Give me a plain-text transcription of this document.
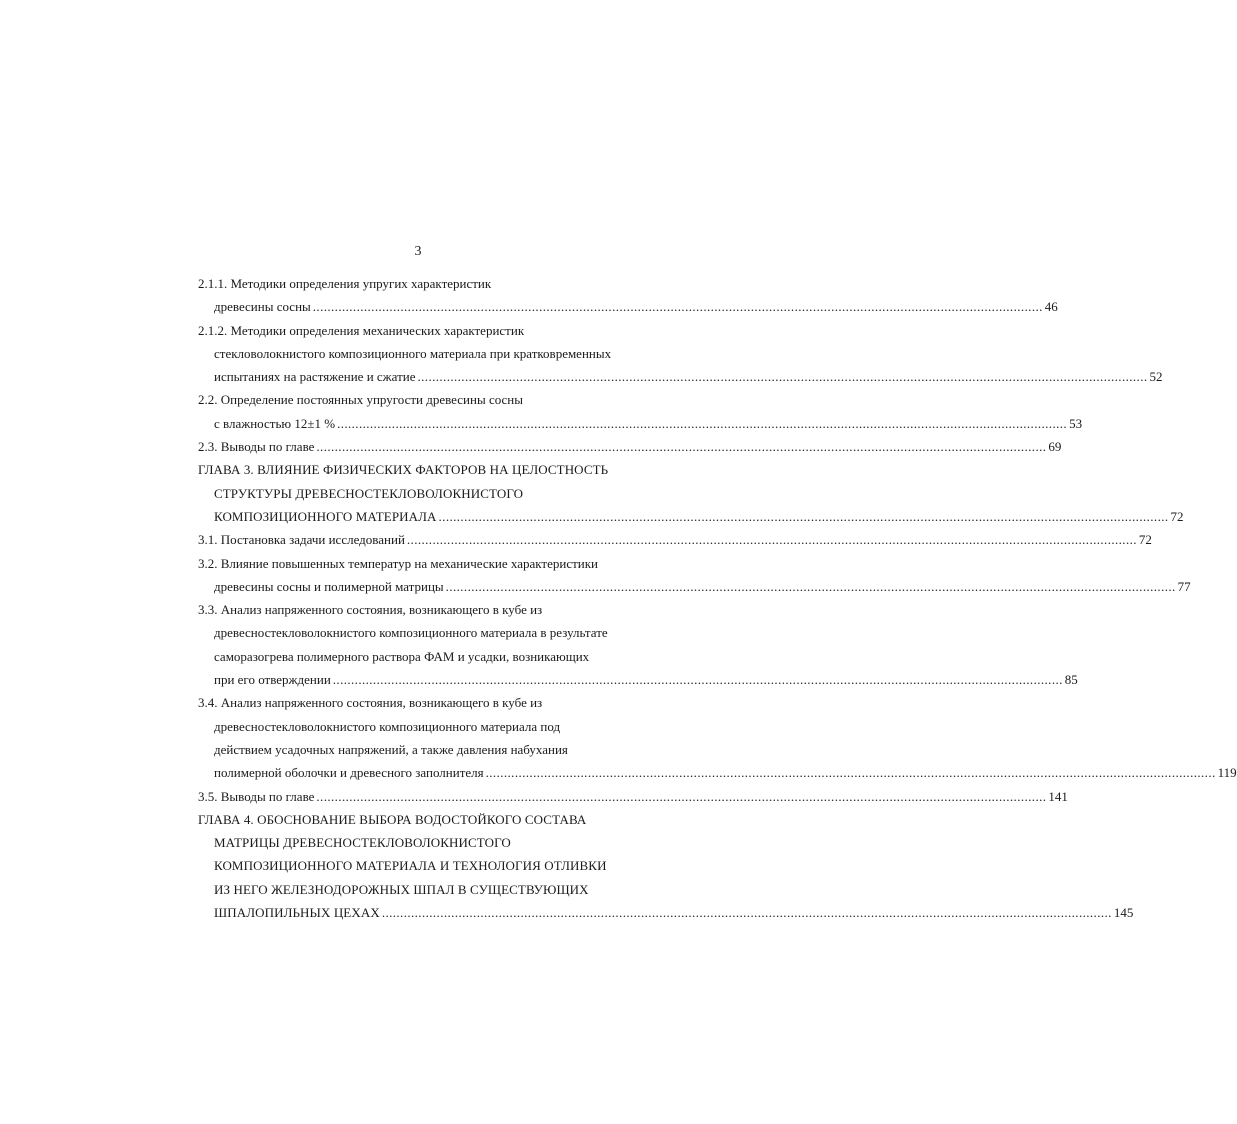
3
2.1.1. Методики определения упругих характеристик
древесины сосны ........................................................................................................................................................................................................ 46
2.1.2. Методики определения механических характеристик
стекловолокнистого композиционного материала при кратковременных
испытаниях на растяжение и сжатие ........................................................................................................................................................................................................ 52
2.2. Определение постоянных упругости древесины сосны
с влажностью 12±1 % ........................................................................................................................................................................................................ 53
2.3. Выводы по главе ........................................................................................................................................................................................................ 69
ГЛАВА 3. ВЛИЯНИЕ ФИЗИЧЕСКИХ ФАКТОРОВ НА ЦЕЛОСТНОСТЬ
СТРУКТУРЫ ДРЕВЕСНОСТЕКЛОВОЛОКНИСТОГО
КОМПОЗИЦИОННОГО МАТЕРИАЛА ........................................................................................................................................................................................................ 72
3.1. Постановка задачи исследований ........................................................................................................................................................................................................ 72
3.2. Влияние повышенных температур на механические характеристики
древесины сосны и полимерной матрицы ........................................................................................................................................................................................................ 77
3.3. Анализ напряженного состояния, возникающего в кубе из
древесностекловолокнистого композиционного материала в результате
саморазогрева полимерного раствора ФАМ и усадки, возникающих
при его отверждении ........................................................................................................................................................................................................ 85
3.4. Анализ напряженного состояния, возникающего в кубе из
древесностекловолокнистого композиционного материала под
действием усадочных напряжений, а также давления набухания
полимерной оболочки и древесного заполнителя ........................................................................................................................................................................................................ 119
3.5. Выводы по главе ........................................................................................................................................................................................................ 141
ГЛАВА 4. ОБОСНОВАНИЕ ВЫБОРА ВОДОСТОЙКОГО СОСТАВА
МАТРИЦЫ ДРЕВЕСНОСТЕКЛОВОЛОКНИСТОГО
КОМПОЗИЦИОННОГО МАТЕРИАЛА И ТЕХНОЛОГИЯ ОТЛИВКИ
ИЗ НЕГО ЖЕЛЕЗНОДОРОЖНЫХ ШПАЛ В СУЩЕСТВУЮЩИХ
ШПАЛОПИЛЬНЫХ ЦЕХАХ ........................................................................................................................................................................................................ 145
